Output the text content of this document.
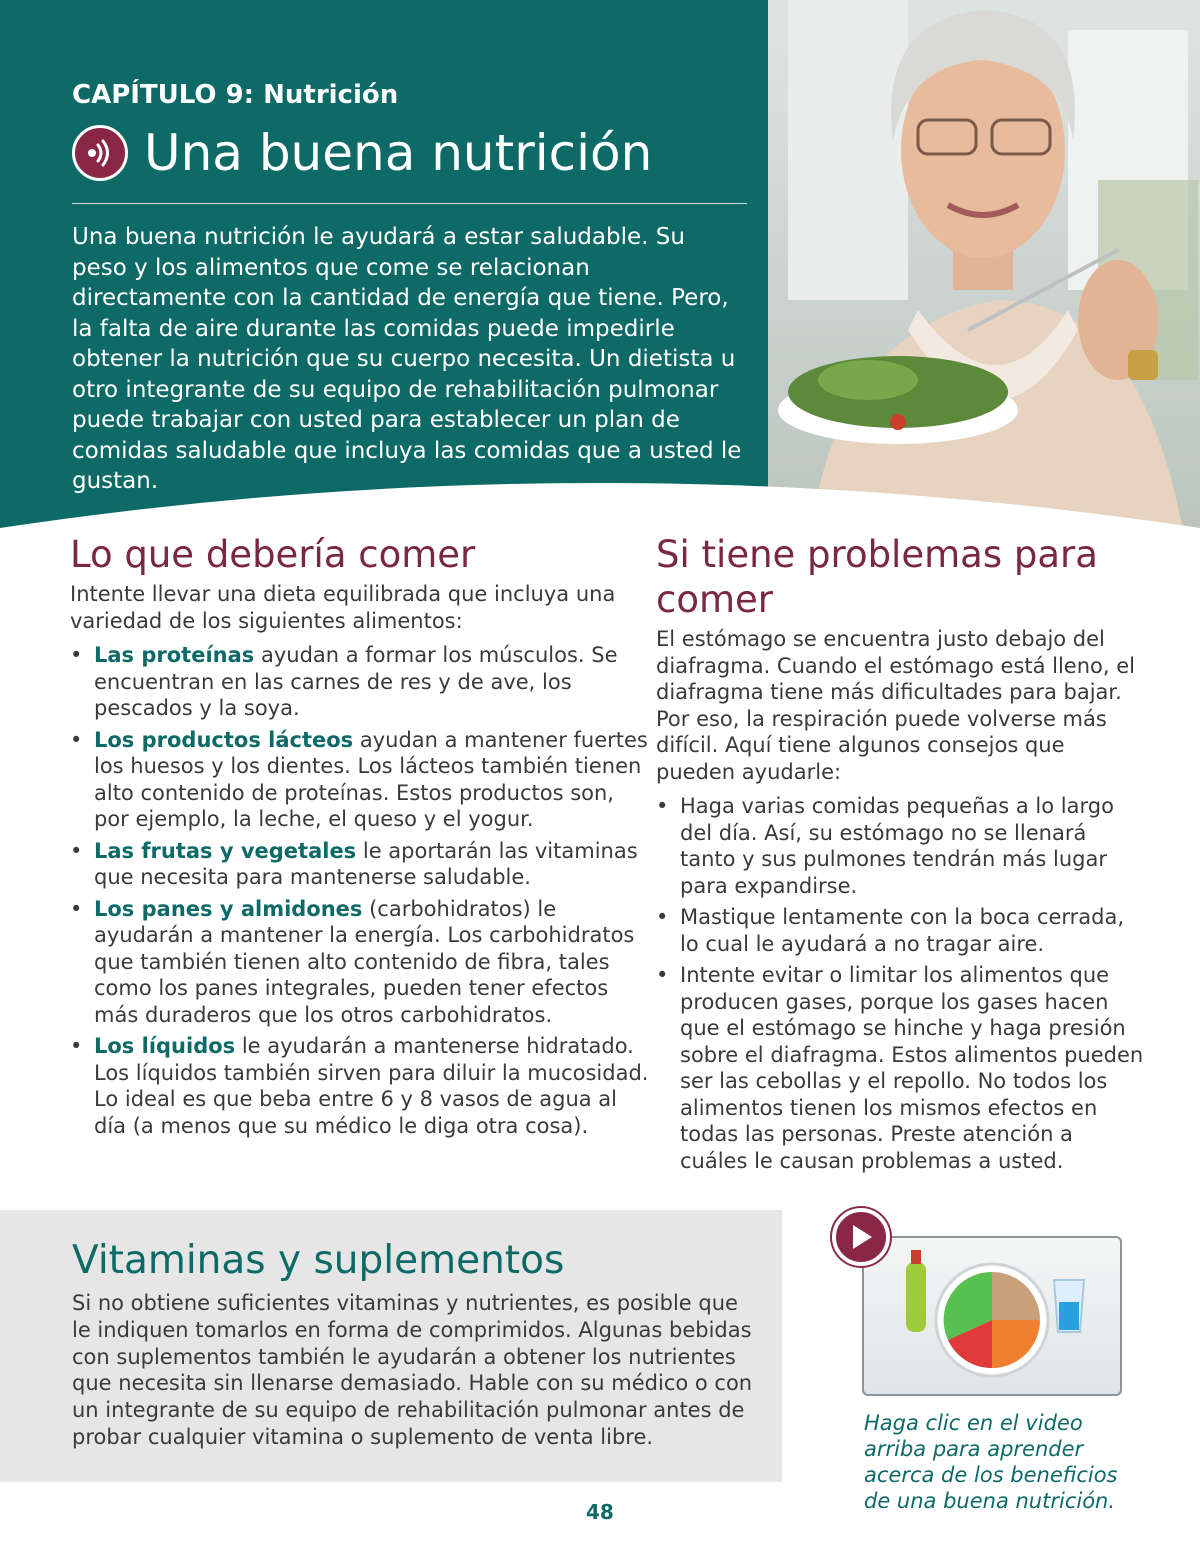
CAPÍTULO 9: Nutrición
Una buena nutrición

Una buena nutrición le ayudará a estar saludable. Su peso y los alimentos que come se relacionan directamente con la cantidad de energía que tiene. Pero, la falta de aire durante las comidas puede impedirle obtener la nutrición que su cuerpo necesita. Un dietista u otro integrante de su equipo de rehabilitación pulmonar puede trabajar con usted para establecer un plan de comidas saludable que incluya las comidas que a usted le gustan.

Lo que debería comer

Intente llevar una dieta equilibrada que incluya una variedad de los siguientes alimentos:

• Las proteínas ayudan a formar los músculos. Se encuentran en las carnes de res y de ave, los pescados y la soya.
• Los productos lácteos ayudan a mantener fuertes los huesos y los dientes. Los lácteos también tienen alto contenido de proteínas. Estos productos son, por ejemplo, la leche, el queso y el yogur.
• Las frutas y vegetales le aportarán las vitaminas que necesita para mantenerse saludable.
• Los panes y almidones (carbohidratos) le ayudarán a mantener la energía. Los carbohidratos que también tienen alto contenido de fibra, tales como los panes integrales, pueden tener efectos más duraderos que los otros carbohidratos.
• Los líquidos le ayudarán a mantenerse hidratado. Los líquidos también sirven para diluir la mucosidad. Lo ideal es que beba entre 6 y 8 vasos de agua al día (a menos que su médico le diga otra cosa).
Si tiene problemas para comer

El estómago se encuentra justo debajo del diafragma. Cuando el estómago está lleno, el diafragma tiene más dificultades para bajar. Por eso, la respiración puede volverse más difícil. Aquí tiene algunos consejos que pueden ayudarle:

• Haga varias comidas pequeñas a lo largo del día. Así, su estómago no se llenará tanto y sus pulmones tendrán más lugar para expandirse.
• Mastique lentamente con la boca cerrada, lo cual le ayudará a no tragar aire.
• Intente evitar o limitar los alimentos que producen gases, porque los gases hacen que el estómago se hinche y haga presión sobre el diafragma. Estos alimentos pueden ser las cebollas y el repollo. No todos los alimentos tienen los mismos efectos en todas las personas. Preste atención a cuáles le causan problemas a usted.
Vitaminas y suplementos

Si no obtiene suficientes vitaminas y nutrientes, es posible que le indiquen tomarlos en forma de comprimidos. Algunas bebidas con suplementos también le ayudarán a obtener los nutrientes que necesita sin llenarse demasiado. Hable con su médico o con un integrante de su equipo de rehabilitación pulmonar antes de probar cualquier vitamina o suplemento de venta libre.

Haga clic en el video arriba para aprender acerca de los beneficios de una buena nutrición.

48
